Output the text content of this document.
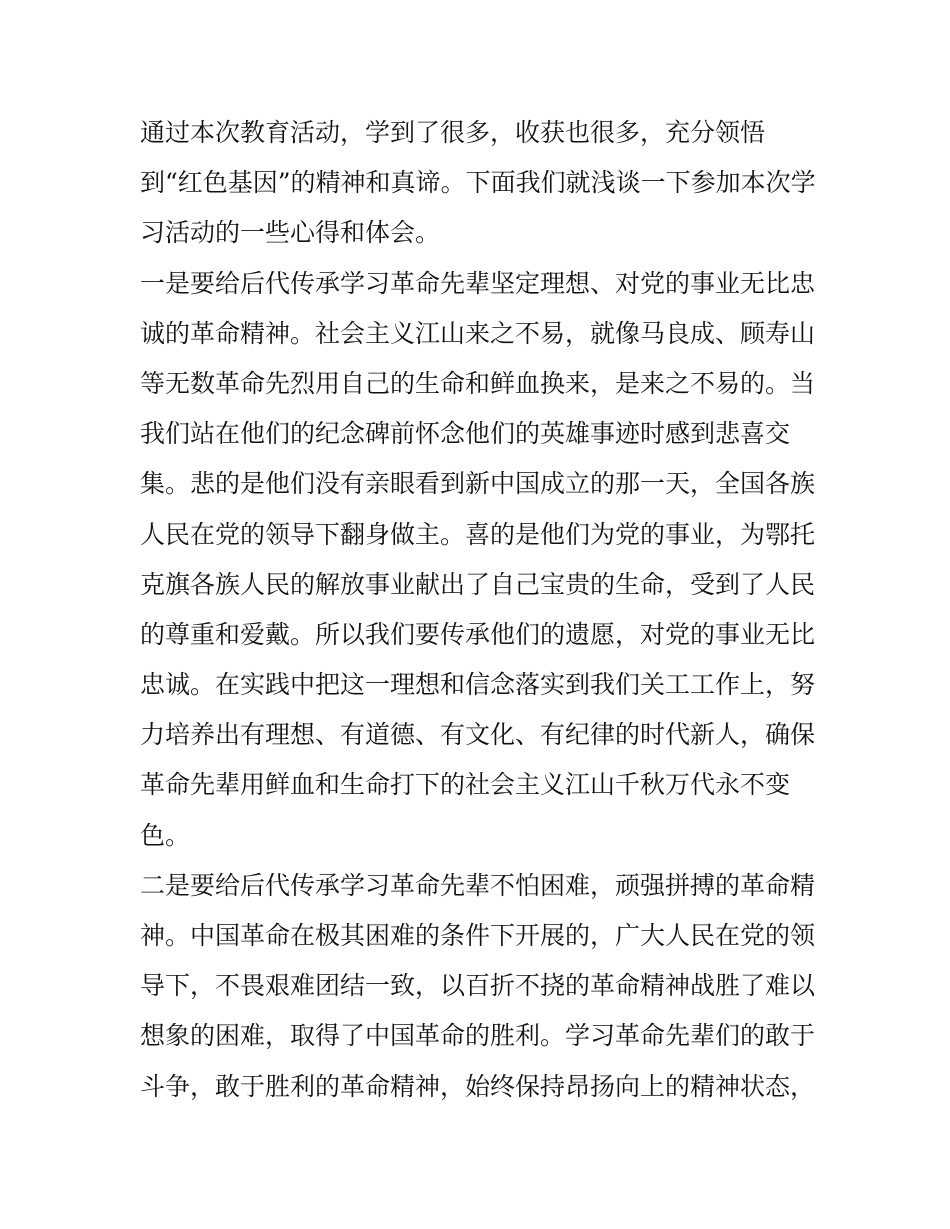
通过本次教育活动，学到了很多，收获也很多，充分领悟
到“红色基因”的精神和真谛。下面我们就浅谈一下参加本次学
习活动的一些心得和体会。
一是要给后代传承学习革命先辈坚定理想、对党的事业无比忠
诚的革命精神。社会主义江山来之不易，就像马良成、顾寿山
等无数革命先烈用自己的生命和鲜血换来，是来之不易的。当
我们站在他们的纪念碑前怀念他们的英雄事迹时感到悲喜交
集。悲的是他们没有亲眼看到新中国成立的那一天，全国各族
人民在党的领导下翻身做主。喜的是他们为党的事业，为鄂托
克旗各族人民的解放事业献出了自己宝贵的生命，受到了人民
的尊重和爱戴。所以我们要传承他们的遗愿，对党的事业无比
忠诚。在实践中把这一理想和信念落实到我们关工工作上，努
力培养出有理想、有道德、有文化、有纪律的时代新人，确保
革命先辈用鲜血和生命打下的社会主义江山千秋万代永不变
色。
二是要给后代传承学习革命先辈不怕困难，顽强拼搏的革命精
神。中国革命在极其困难的条件下开展的，广大人民在党的领
导下，不畏艰难团结一致，以百折不挠的革命精神战胜了难以
想象的困难，取得了中国革命的胜利。学习革命先辈们的敢于
斗争，敢于胜利的革命精神，始终保持昂扬向上的精神状态，
